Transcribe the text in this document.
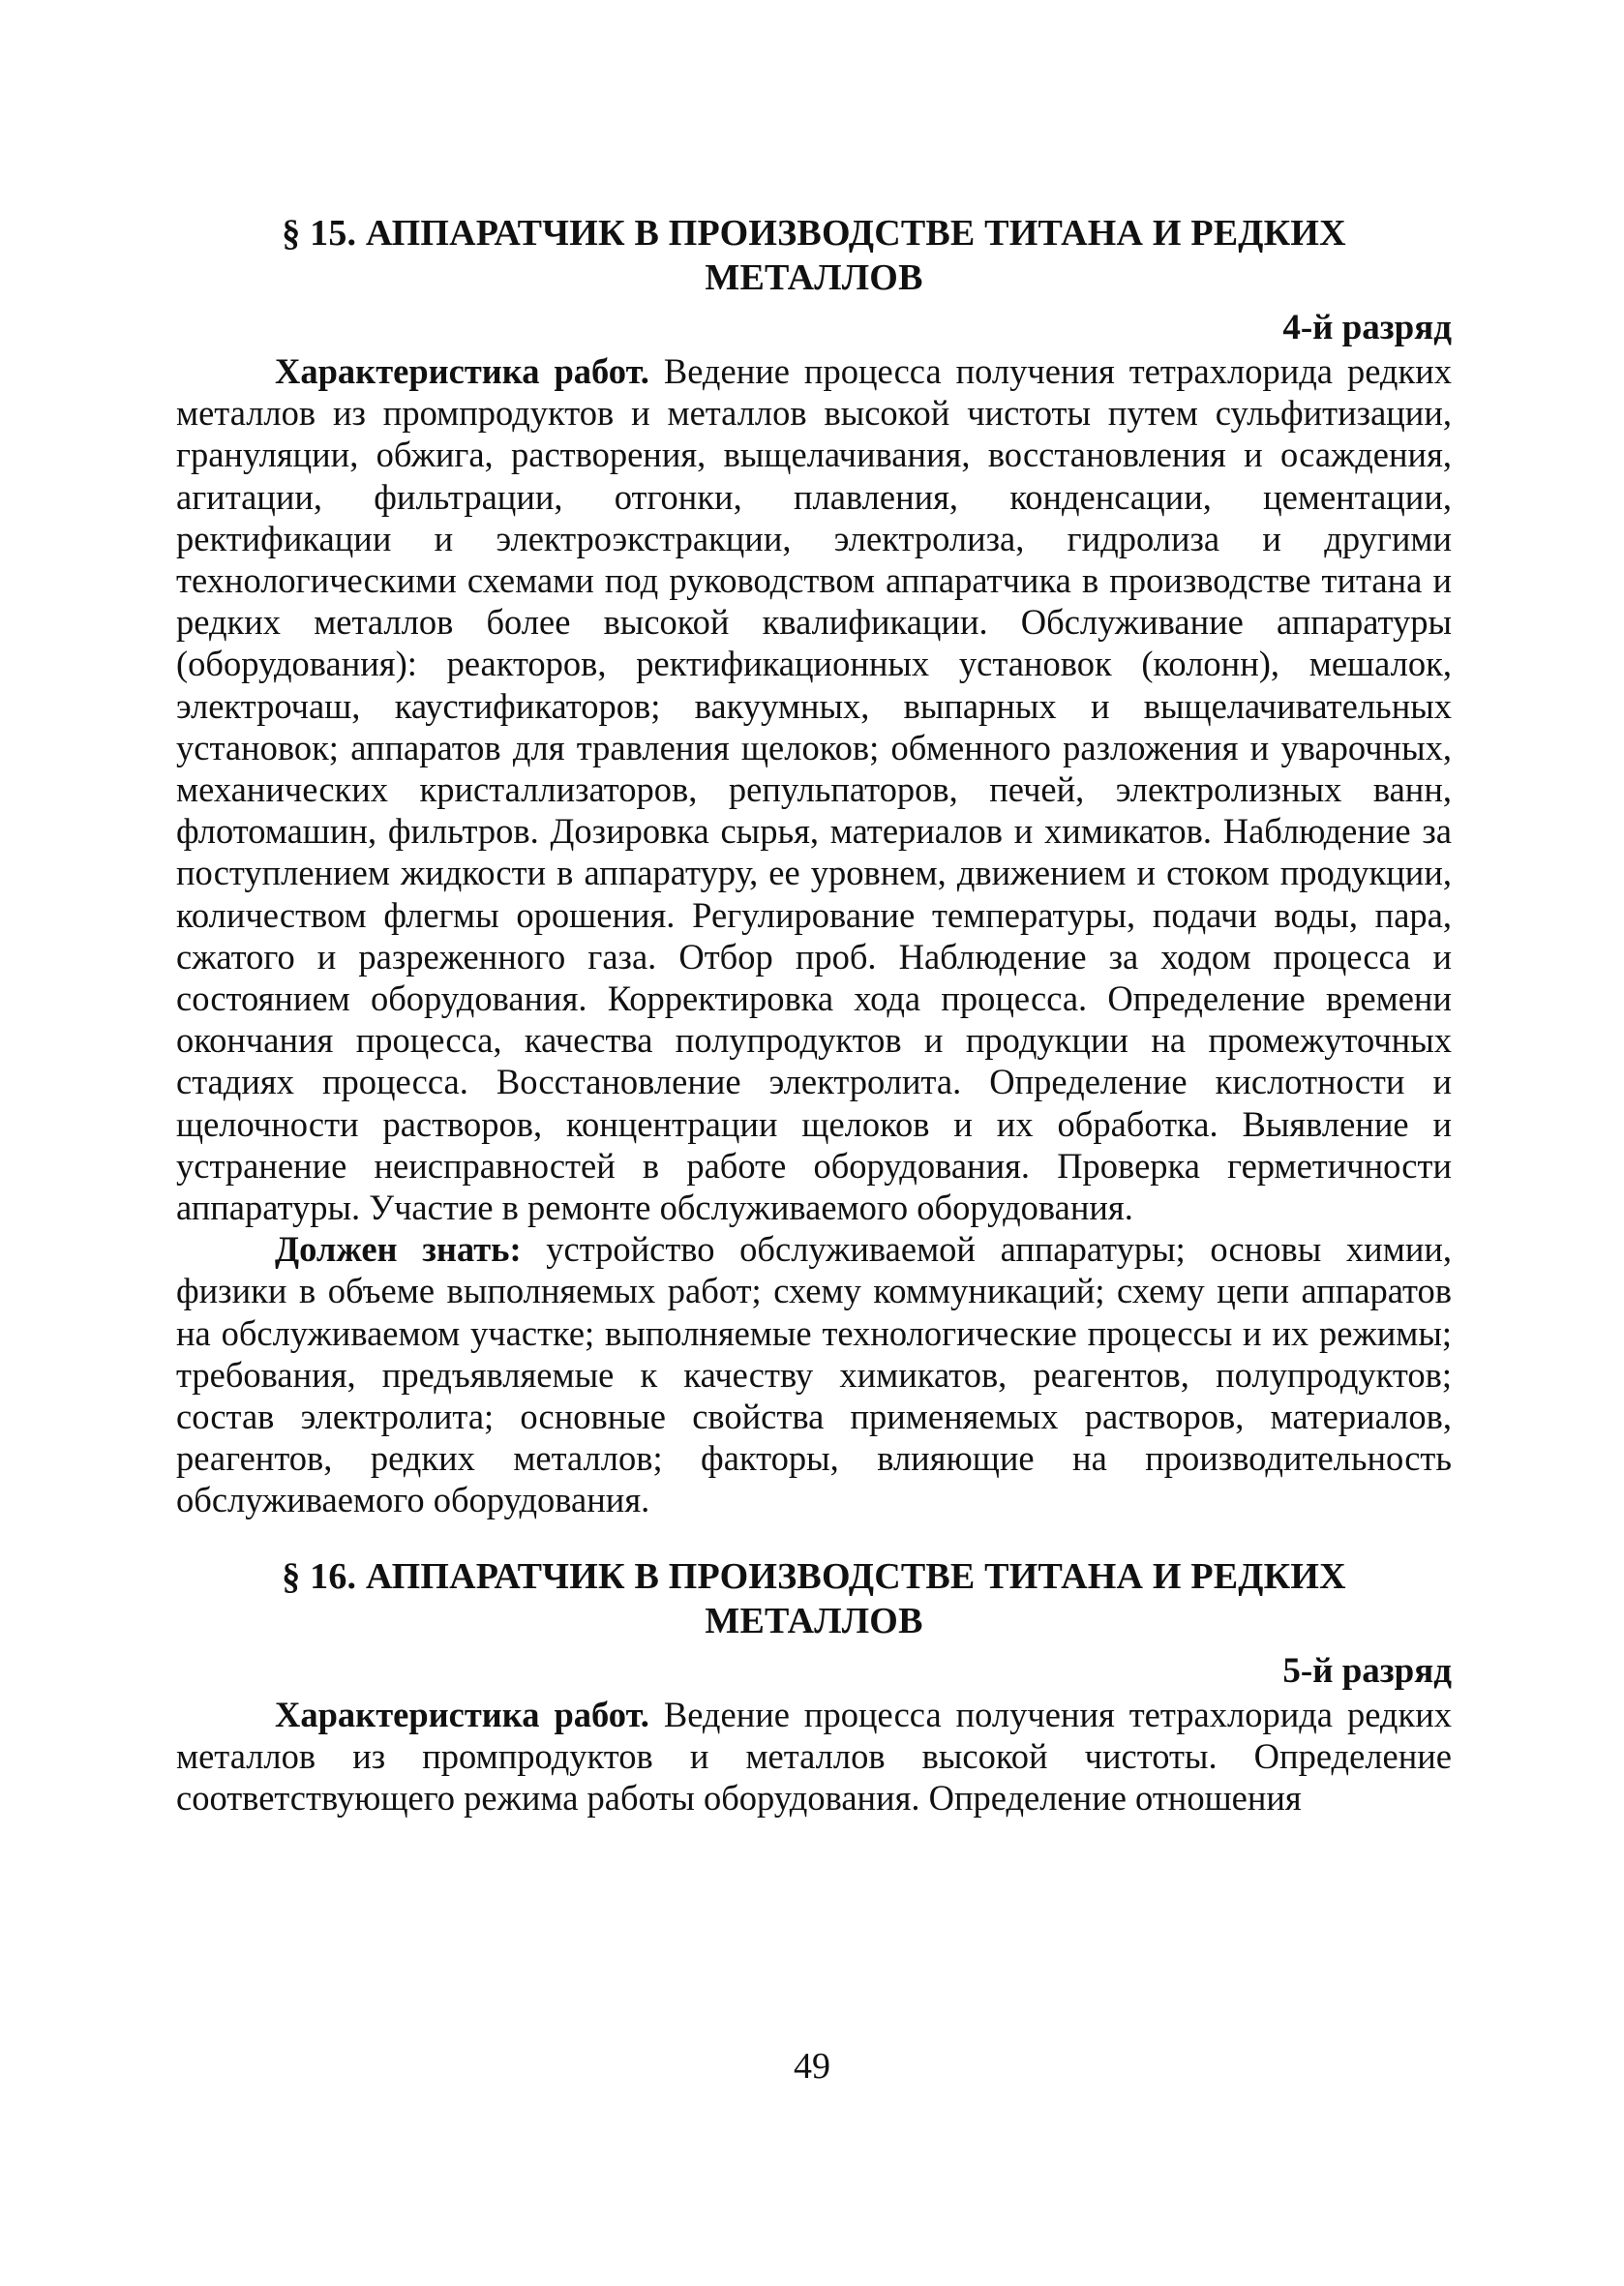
§ 15. АППАРАТЧИК В ПРОИЗВОДСТВЕ ТИТАНА И РЕДКИХ
МЕТАЛЛОВ
4-й разряд

Характеристика работ. Ведение процесса получения тетрахлорида редких металлов из промпродуктов и металлов высокой чистоты путем сульфитизации, грануляции, обжига, растворения, выщелачивания, восстановления и осаждения, агитации, фильтрации, отгонки, плавления, конденсации, цементации, ректификации и электроэкстракции, электролиза, гидролиза и другими технологическими схемами под руководством аппаратчика в производстве титана и редких металлов более высокой квалификации. Обслуживание аппаратуры (оборудования): реакторов, ректификационных установок (колонн), мешалок, электрочаш, каустификаторов; вакуумных, выпарных и выщелачивательных установок; аппаратов для травления щелоков; обменного разложения и уварочных, механических кристаллизаторов, репульпаторов, печей, электролизных ванн, флотомашин, фильтров. Дозировка сырья, материалов и химикатов. Наблюдение за поступлением жидкости в аппаратуру, ее уровнем, движением и стоком продукции, количеством флегмы орошения. Регулирование температуры, подачи воды, пара, сжатого и разреженного газа. Отбор проб. Наблюдение за ходом процесса и состоянием оборудования. Корректировка хода процесса. Определение времени окончания процесса, качества полупродуктов и продукции на промежуточных стадиях процесса. Восстановление электролита. Определение кислотности и щелочности растворов, концентрации щелоков и их обработка. Выявление и устранение неисправностей в работе оборудования. Проверка герметичности аппаратуры. Участие в ремонте обслуживаемого оборудования.

Должен знать: устройство обслуживаемой аппаратуры; основы химии, физики в объеме выполняемых работ; схему коммуникаций; схему цепи аппаратов на обслуживаемом участке; выполняемые технологические процессы и их режимы; требования, предъявляемые к качеству химикатов, реагентов, полупродуктов; состав электролита; основные свойства применяемых растворов, материалов, реагентов, редких металлов; факторы, влияющие на производительность обслуживаемого оборудования.

§ 16. АППАРАТЧИК В ПРОИЗВОДСТВЕ ТИТАНА И РЕДКИХ
МЕТАЛЛОВ
5-й разряд

Характеристика работ. Ведение процесса получения тетрахлорида редких металлов из промпродуктов и металлов высокой чистоты. Определение соответствующего режима работы оборудования. Определение отношения

49
